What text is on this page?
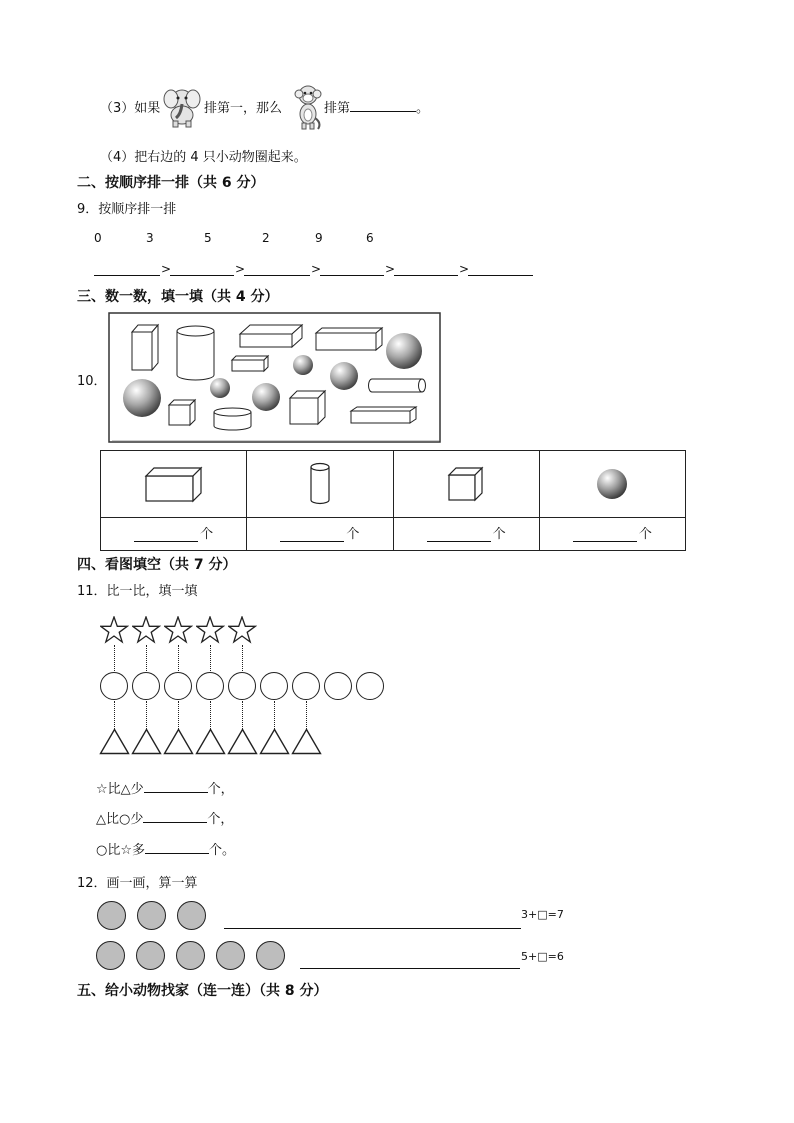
（3）如果	排第一，那么	排第	。
（4）把右边的 4 只小动物圈起来。
二、按顺序排一排（共 6 分）
9．按顺序排一排
0	3	5	2	9	6
>	>	>	>	>
三、数一数，填一填（共 4 分）
10．

个	个	个	个
四、看图填空（共 7 分）
11．比一比，填一填
☆比△少	个，
△比○少	个，
○比☆多	个。
12．画一画，算一算
3+□=7
5+□=6
五、给小动物找家（连一连）（共 8 分）
